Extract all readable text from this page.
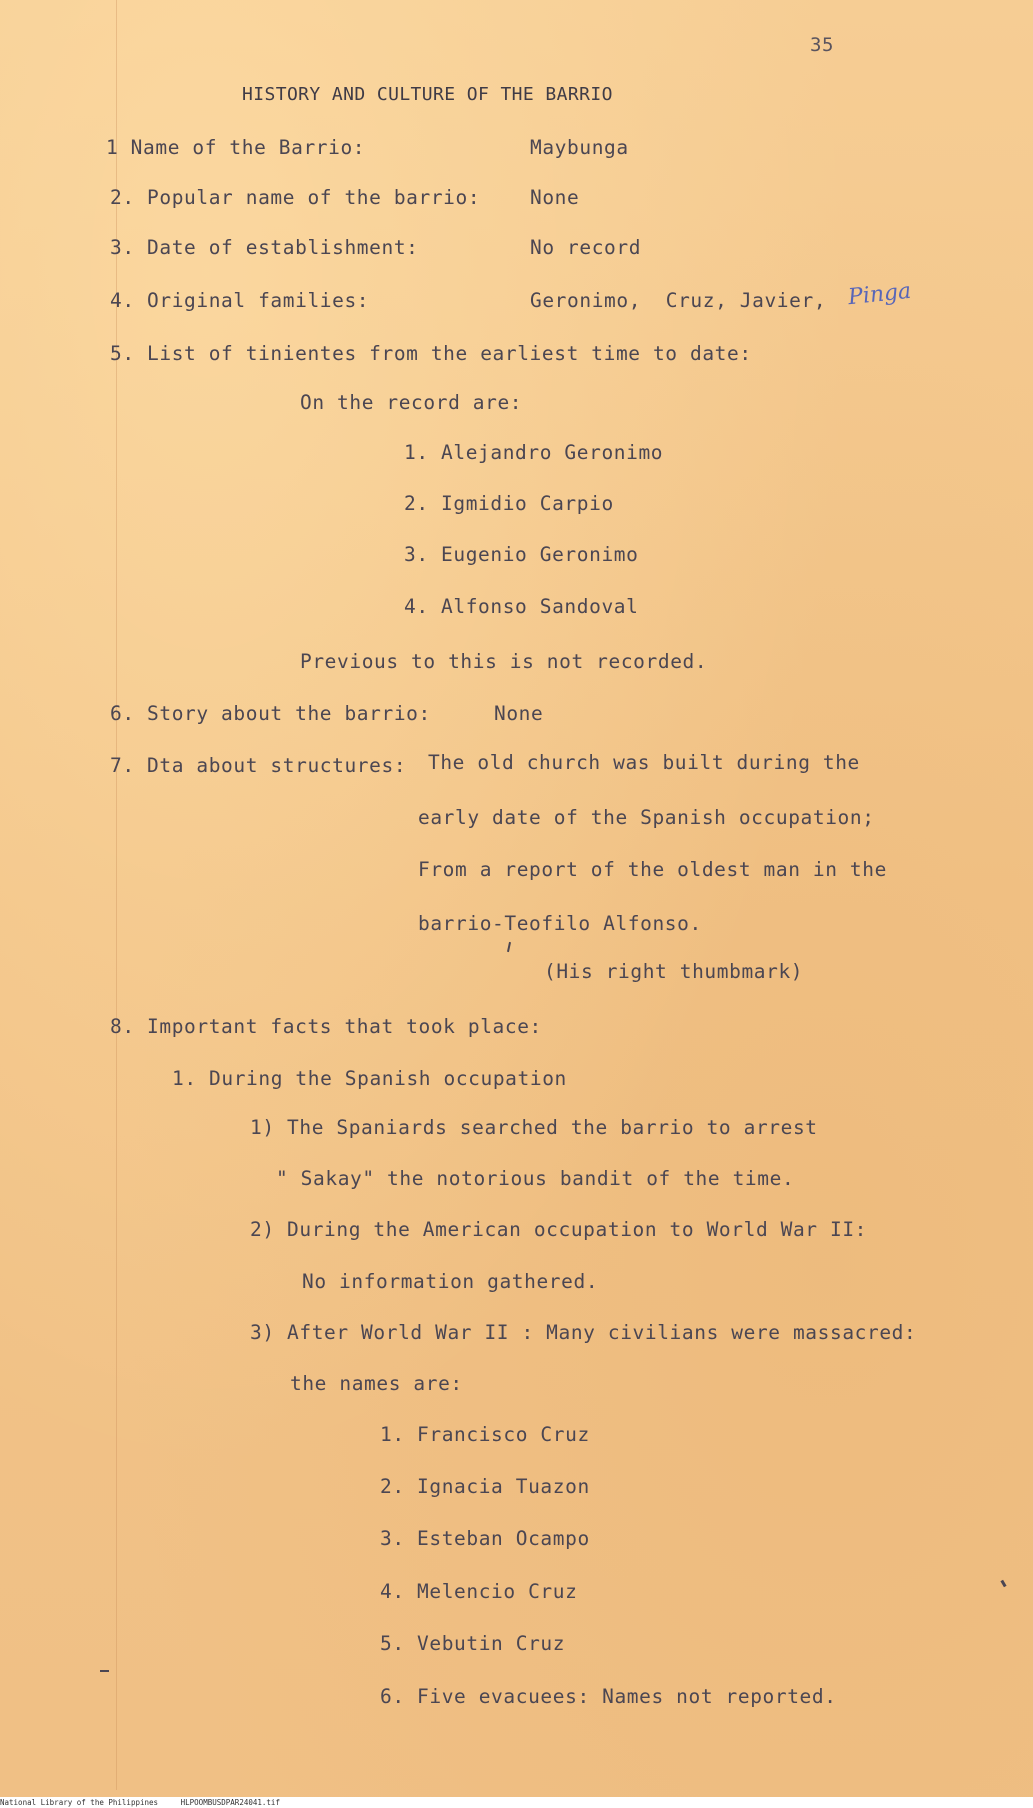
35
HISTORY AND CULTURE OF THE BARRIO
1 Name of the Barrio:	Maybunga
2. Popular name of the barrio:	None
3. Date of establishment:	No record
4. Original families:	Geronimo,  Cruz, Javier, Pinga
5. List of tinientes from the earliest time to date:
On the record are:
1. Alejandro Geronimo
2. Igmidio Carpio
3. Eugenio Geronimo
4. Alfonso Sandoval
Previous to this is not recorded.
6. Story about the barrio:	None
7. Dta about structures: The old church was built during the
early date of the Spanish occupation;
From a report of the oldest man in the
barrio-Teofilo Alfonso.
(His right thumbmark)
8. Important facts that took place:
1. During the Spanish occupation
1) The Spaniards searched the barrio to arrest
" Sakay" the notorious bandit of the time.
2) During the American occupation to World War II:
No information gathered.
3) After World War II : Many civilians were massacred:
the names are:
1. Francisco Cruz
2. Ignacia Tuazon
3. Esteban Ocampo
4. Melencio Cruz
5. Vebutin Cruz
6. Five evacuees: Names not reported.
National Library of the Philippines     HLPOOMBUSDPAR24041.tif
